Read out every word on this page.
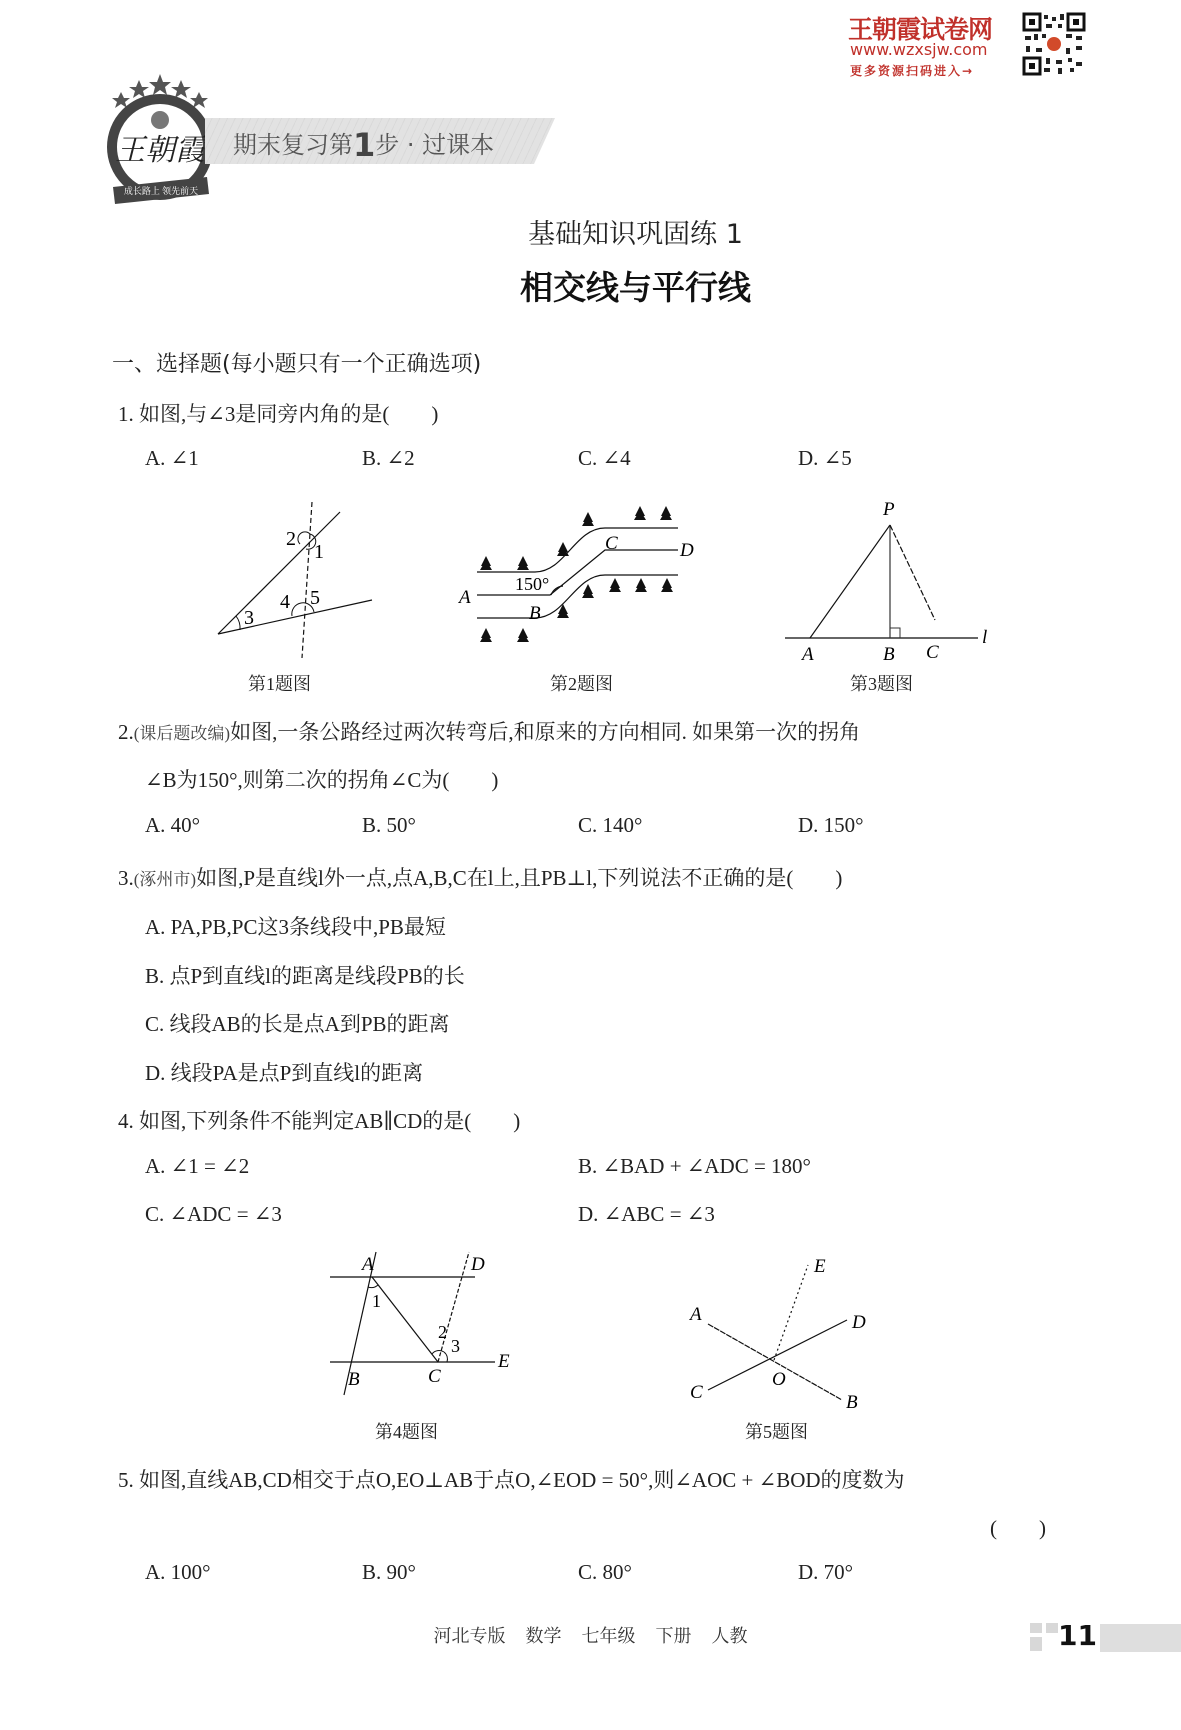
王朝霞试卷网
www.wzxsjw.com
更多资源扫码进入→
王朝霞
成长路上 领先前天
期末复习第1步 · 过课本
基础知识巩固练 1
相交线与平行线
一、选择题(每小题只有一个正确选项)
1. 如图,与∠3是同旁内角的是(　　)
A. ∠1	B. ∠2	C. ∠4	D. ∠5
2
1
3
4 5
第1题图
A
B
C	D
150°
第2题图
P
A	B C
l
第3题图
2.(课后题改编)如图,一条公路经过两次转弯后,和原来的方向相同. 如果第一次的拐角
∠B为150°,则第二次的拐角∠C为(　　)
A. 40°	B. 50°	C. 140°	D. 150°
3.(涿州市)如图,P是直线l外一点,点A,B,C在l上,且PB⊥l,下列说法不正确的是(　　)
A. PA,PB,PC这3条线段中,PB最短
B. 点P到直线l的距离是线段PB的长
C. 线段AB的长是点A到PB的距离
D. 线段PA是点P到直线l的距离
4. 如图,下列条件不能判定AB∥CD的是(　　)
A. ∠1 = ∠2	B. ∠BAD + ∠ADC = 180°
C. ∠ADC = ∠3	D. ∠ABC = ∠3
A	D
1
2
3
B	C
E
第4题图
E
A	D
C
O
B
第5题图
5. 如图,直线AB,CD相交于点O,EO⊥AB于点O,∠EOD = 50°,则∠AOC + ∠BOD的度数为
(　　)
A. 100°	B. 90°	C. 80°	D. 70°
河北专版 数学 七年级 下册 人教	11
